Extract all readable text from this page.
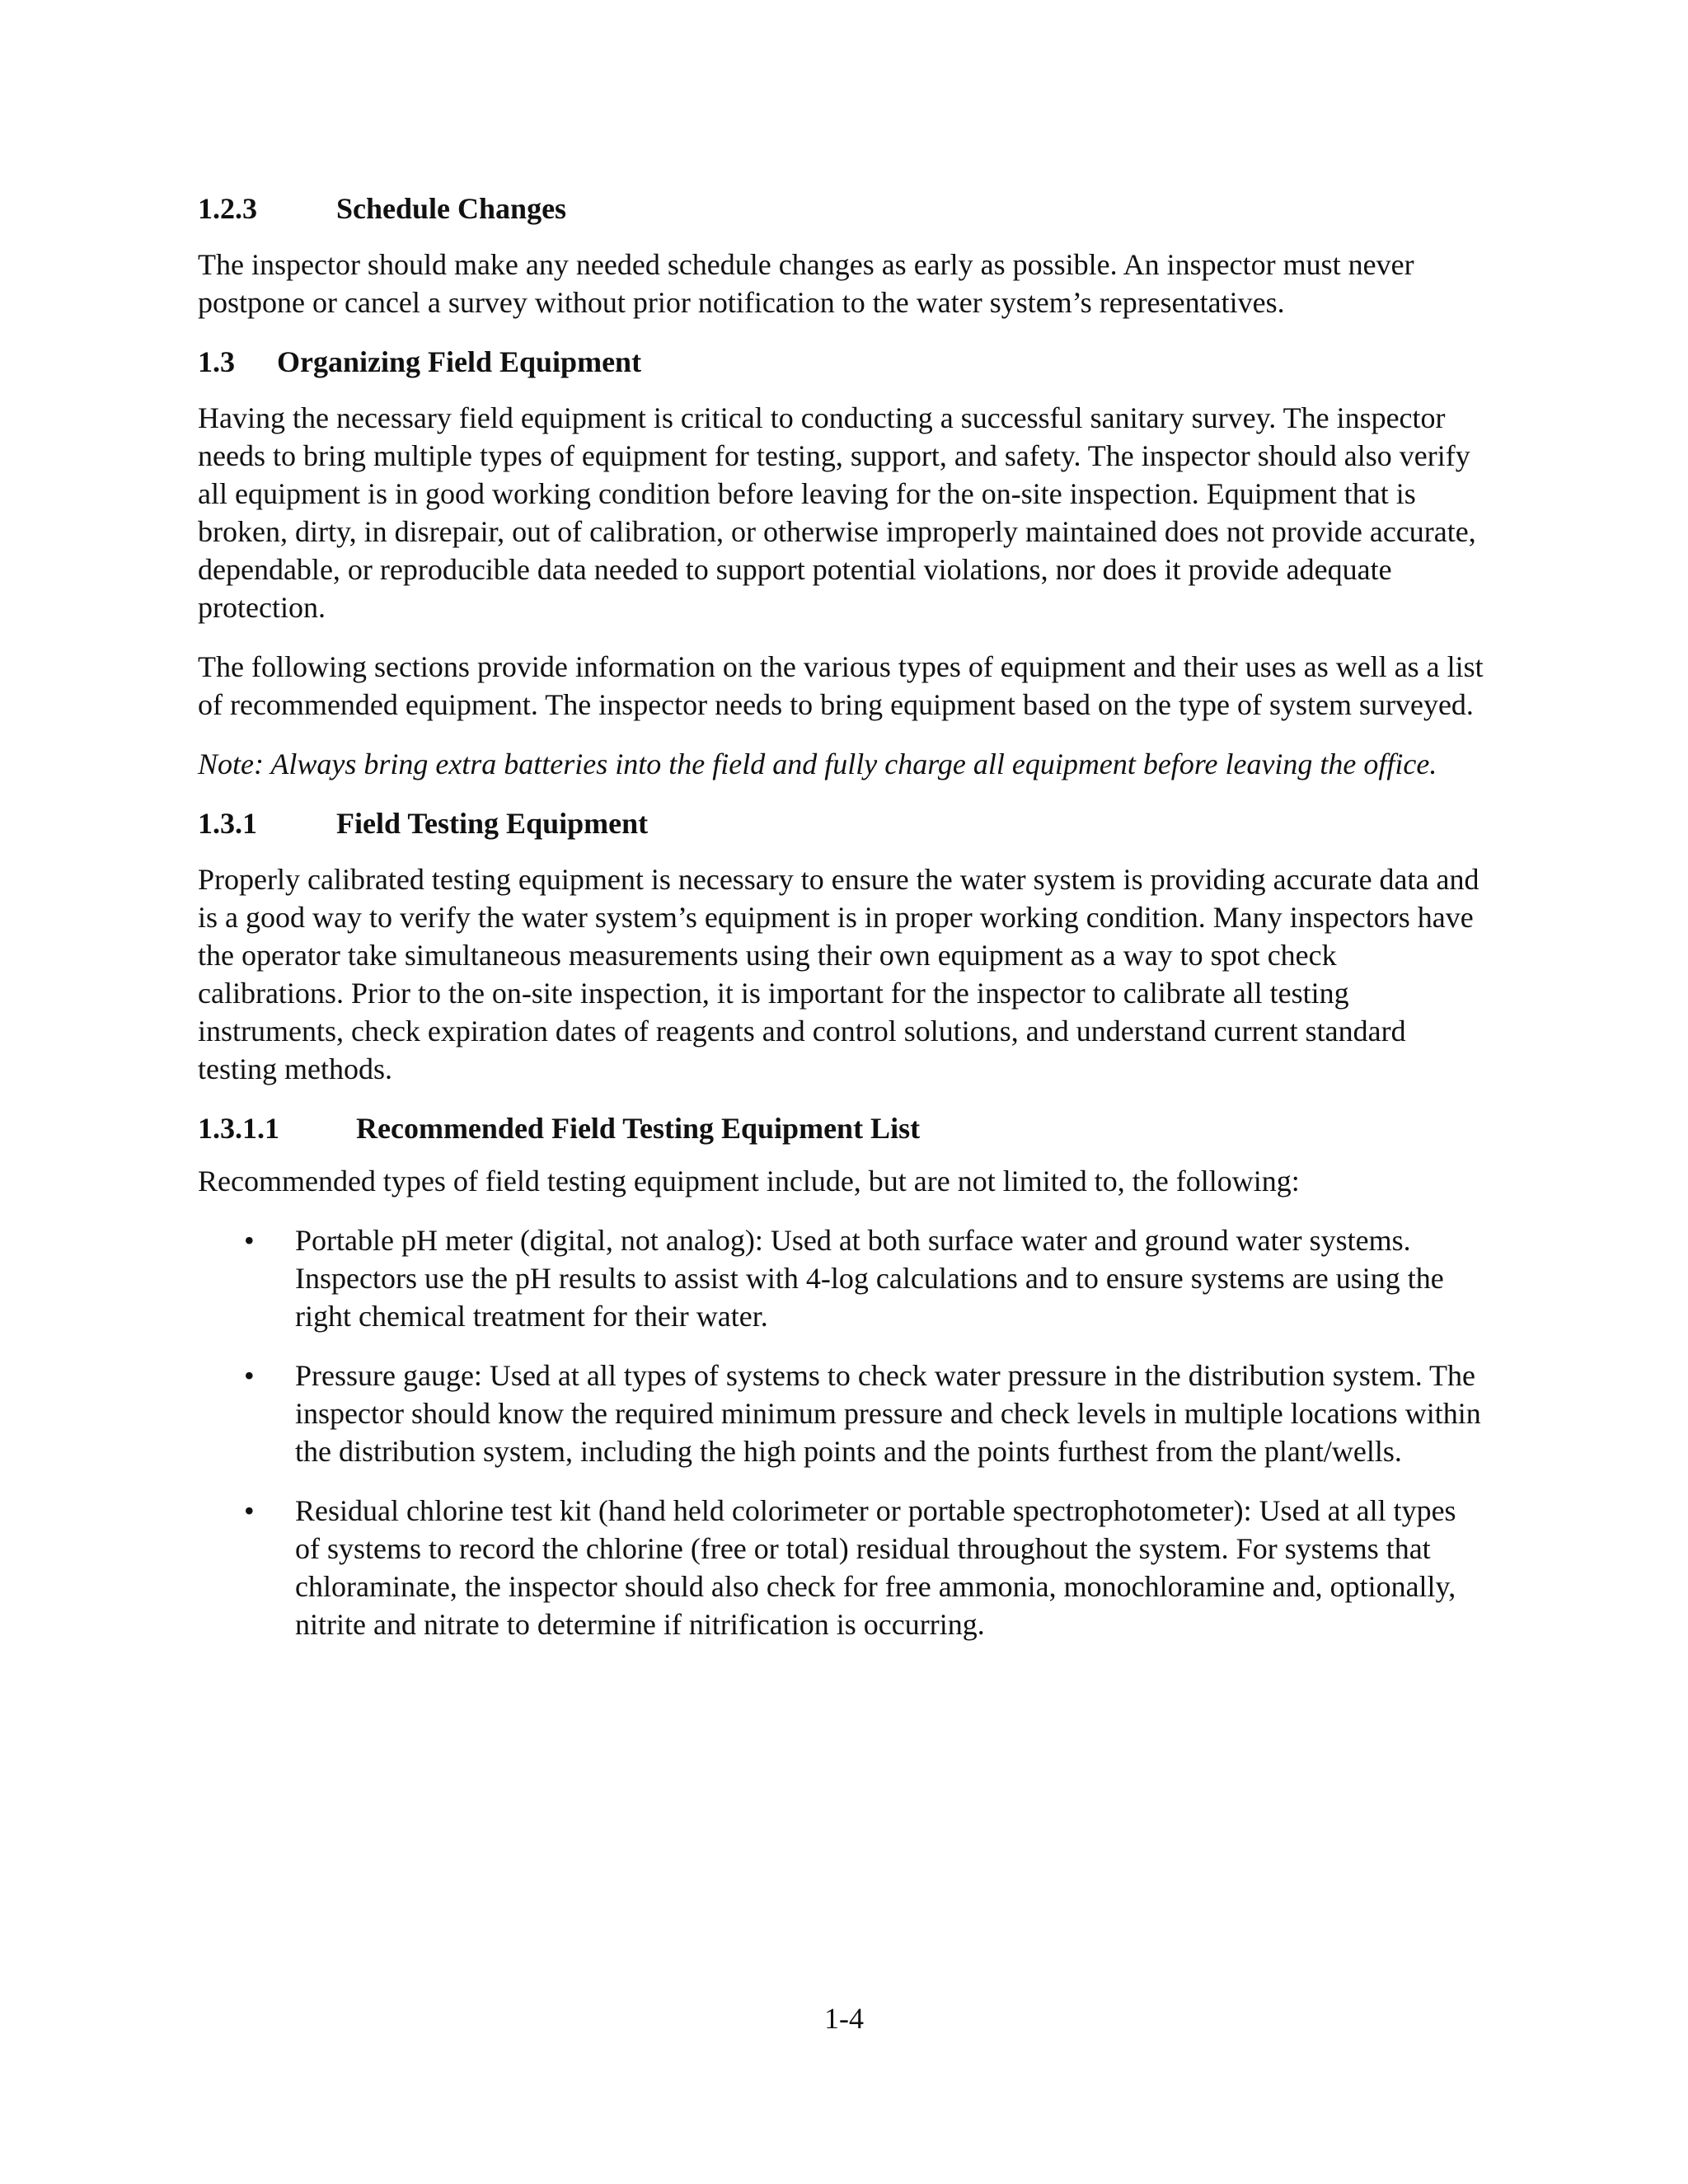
1.2.3	Schedule Changes

The inspector should make any needed schedule changes as early as possible. An inspector must never postpone or cancel a survey without prior notification to the water system’s representatives.

1.3 Organizing Field Equipment

Having the necessary field equipment is critical to conducting a successful sanitary survey. The inspector needs to bring multiple types of equipment for testing, support, and safety. The inspector should also verify all equipment is in good working condition before leaving for the on-site inspection. Equipment that is broken, dirty, in disrepair, out of calibration, or otherwise improperly maintained does not provide accurate, dependable, or reproducible data needed to support potential violations, nor does it provide adequate protection.

The following sections provide information on the various types of equipment and their uses as well as a list of recommended equipment. The inspector needs to bring equipment based on the type of system surveyed.

Note: Always bring extra batteries into the field and fully charge all equipment before leaving the office.

1.3.1	Field Testing Equipment

Properly calibrated testing equipment is necessary to ensure the water system is providing accurate data and is a good way to verify the water system’s equipment is in proper working condition. Many inspectors have the operator take simultaneous measurements using their own equipment as a way to spot check calibrations. Prior to the on-site inspection, it is important for the inspector to calibrate all testing instruments, check expiration dates of reagents and control solutions, and understand current standard testing methods.

1.3.1.1	Recommended Field Testing Equipment List

Recommended types of field testing equipment include, but are not limited to, the following:

• Portable pH meter (digital, not analog): Used at both surface water and ground water systems. Inspectors use the pH results to assist with 4-log calculations and to ensure systems are using the right chemical treatment for their water.
• Pressure gauge: Used at all types of systems to check water pressure in the distribution system. The inspector should know the required minimum pressure and check levels in multiple locations within the distribution system, including the high points and the points furthest from the plant/wells.
• Residual chlorine test kit (hand held colorimeter or portable spectrophotometer): Used at all types of systems to record the chlorine (free or total) residual throughout the system. For systems that chloraminate, the inspector should also check for free ammonia, monochloramine and, optionally, nitrite and nitrate to determine if nitrification is occurring.
1-4
